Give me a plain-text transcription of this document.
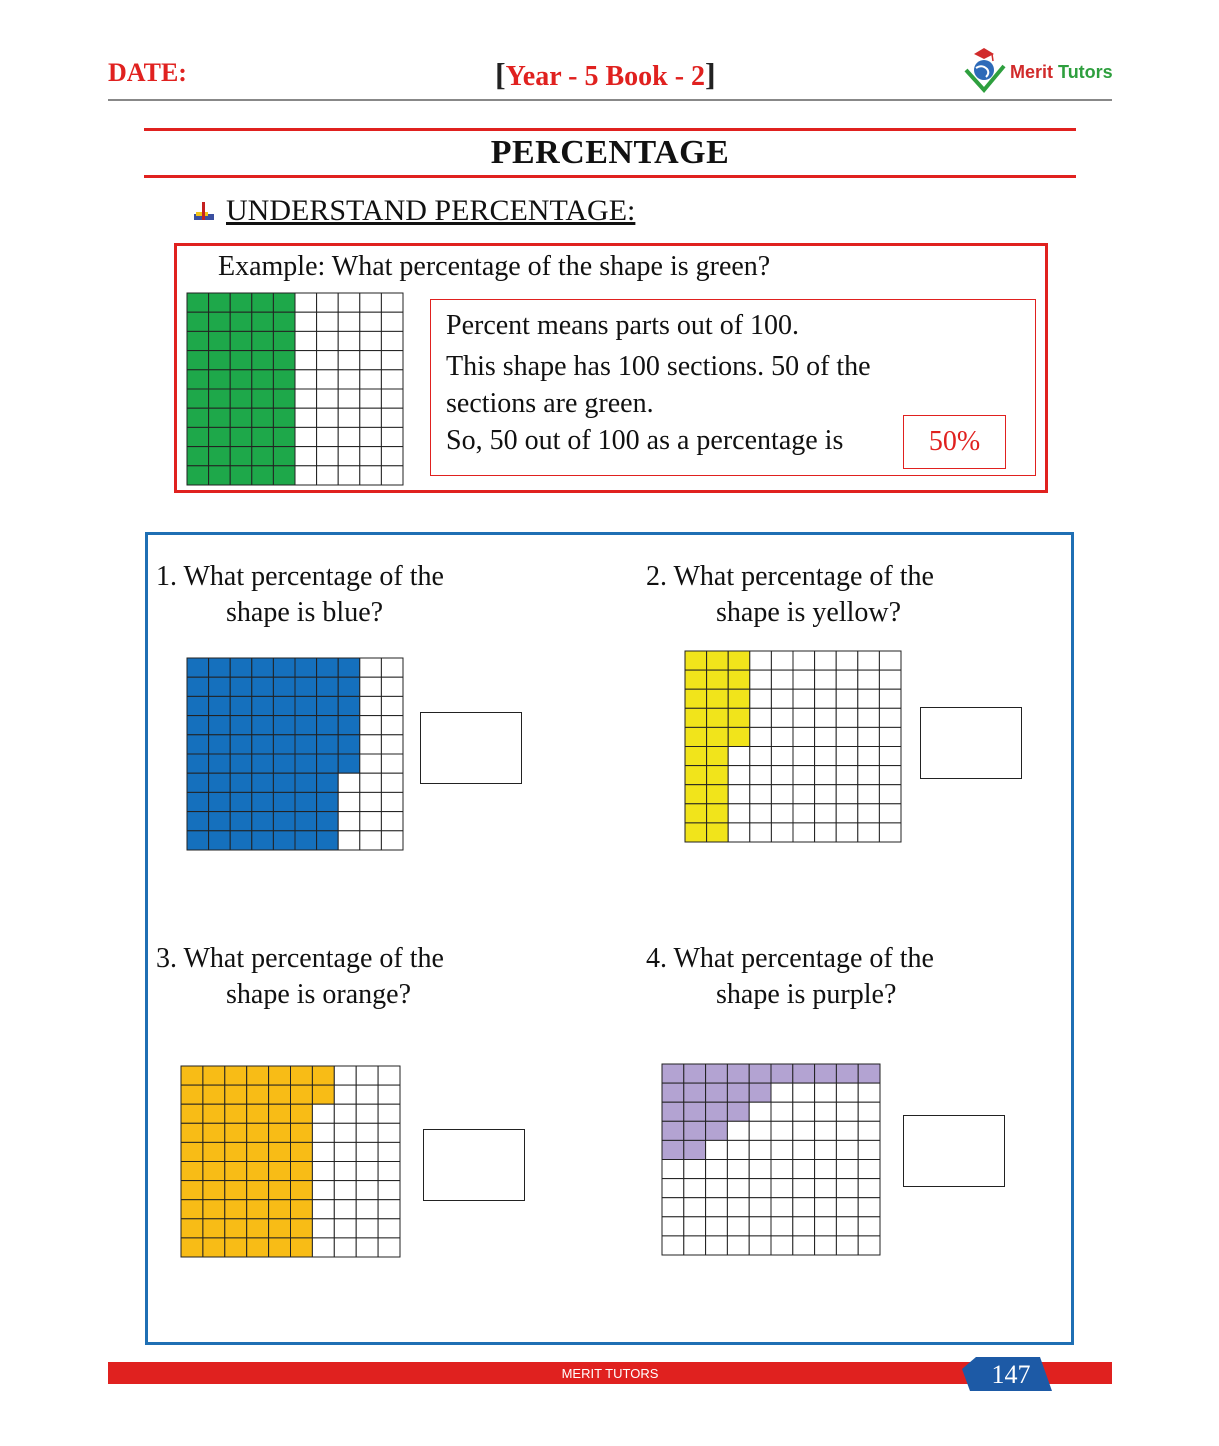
DATE:	[Year - 5 Book - 2]	Merit Tutors
PERCENTAGE
UNDERSTAND PERCENTAGE:
Example: What percentage of the shape is green?
Percent means parts out of 100.
This shape has 100 sections. 50 of the
sections are green.
So, 50 out of 100 as a percentage is	50%
1. What percentage of the
shape is blue?
2. What percentage of the
shape is yellow?
3. What percentage of the
shape is orange?
4. What percentage of the
shape is purple?
MERIT TUTORS	147
